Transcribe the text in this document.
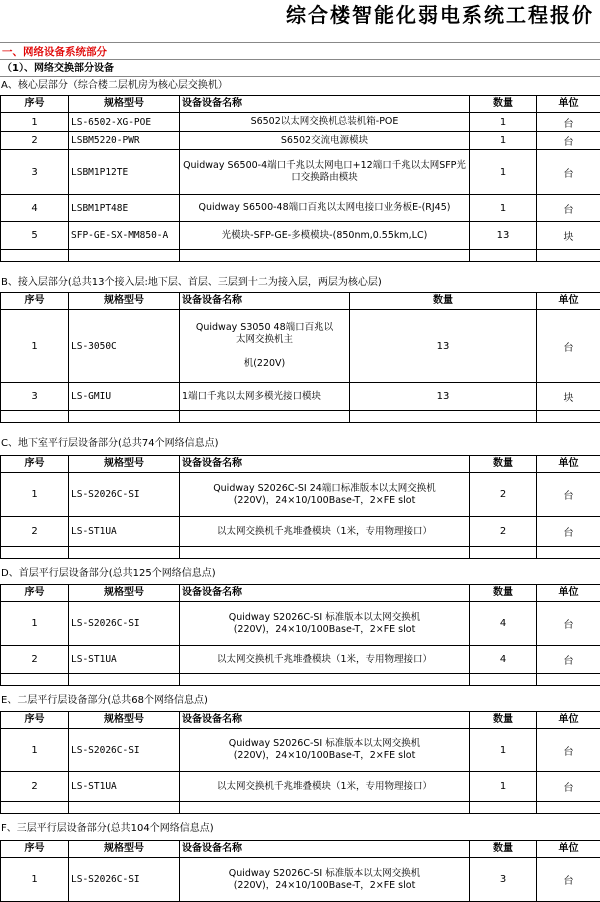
综合楼智能化弱电系统工程报价
一、网络设备系统部分
（1）、网络交换部分设备
A、核心层部分（综合楼二层机房为核心层交换机）
序号	规格型号	设备设备名称	数量	单位
1	LS-6502-XG-POE	S6502以太网交换机总装机箱-POE	1	台
2	LSBM5220-PWR	S6502交流电源模块	1	台
3	LSBM1P12TE	Quidway S6500-4端口千兆以太网电口+12端口千兆以太网SFP光口交换路由模块	1	台
4	LSBM1PT48E	Quidway S6500-48端口百兆以太网电接口业务板E-(RJ45)	1	台
5	SFP-GE-SX-MM850-A	光模块-SFP-GE-多模模块-(850nm,0.55km,LC)	13	块

B、接入层部分(总共13个接入层:地下层、首层、三层到十二为接入层，两层为核心层)
序号	规格型号	设备设备名称	数量	单位
1	LS-3050C	Quidway S3050 48端口百兆以
太网交换机主
机(220V)	13	台
3	LS-GMIU	1端口千兆以太网多模光接口模块	13	块

C、地下室平行层设备部分(总共74个网络信息点)
序号	规格型号	设备设备名称	数量	单位
1	LS-S2026C-SI	Quidway S2026C-SI 24端口标准版本以太网交换机
(220V)，24×10/100Base-T，2×FE slot	2	台
2	LS-ST1UA	以太网交换机千兆堆叠模块（1米，专用物理接口）	2	台

D、首层平行层设备部分(总共125个网络信息点)
序号	规格型号	设备设备名称	数量	单位
1	LS-S2026C-SI	Quidway S2026C-SI 标准版本以太网交换机
(220V)，24×10/100Base-T，2×FE slot	4	台
2	LS-ST1UA	以太网交换机千兆堆叠模块（1米，专用物理接口）	4	台

E、二层平行层设备部分(总共68个网络信息点)
序号	规格型号	设备设备名称	数量	单位
1	LS-S2026C-SI	Quidway S2026C-SI 标准版本以太网交换机
(220V)，24×10/100Base-T，2×FE slot	1	台
2	LS-ST1UA	以太网交换机千兆堆叠模块（1米，专用物理接口）	1	台

F、三层平行层设备部分(总共104个网络信息点)
序号	规格型号	设备设备名称	数量	单位
1	LS-S2026C-SI	Quidway S2026C-SI 标准版本以太网交换机
(220V)，24×10/100Base-T，2×FE slot	3	台
